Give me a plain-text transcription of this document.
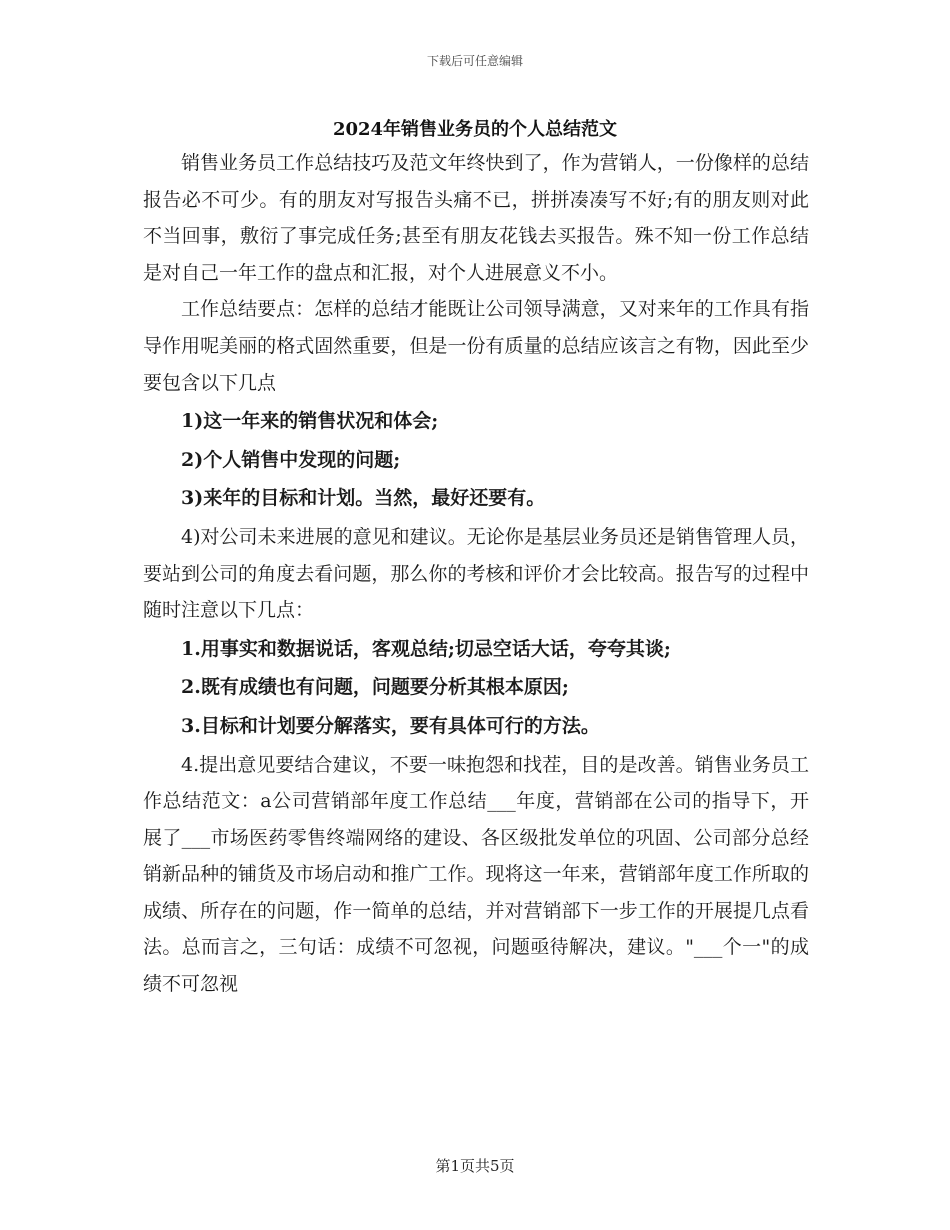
下载后可任意编辑
2024年销售业务员的个人总结范文

销售业务员工作总结技巧及范文年终快到了，作为营销人，一份像样的总结报告必不可少。有的朋友对写报告头痛不已，拼拼凑凑写不好;有的朋友则对此不当回事，敷衍了事完成任务;甚至有朋友花钱去买报告。殊不知一份工作总结是对自己一年工作的盘点和汇报，对个人进展意义不小。

工作总结要点：怎样的总结才能既让公司领导满意，又对来年的工作具有指导作用呢美丽的格式固然重要，但是一份有质量的总结应该言之有物，因此至少要包含以下几点

1)这一年来的销售状况和体会;

2)个人销售中发现的问题;

3)来年的目标和计划。当然，最好还要有。

4)对公司未来进展的意见和建议。无论你是基层业务员还是销售管理人员，要站到公司的角度去看问题，那么你的考核和评价才会比较高。报告写的过程中随时注意以下几点：

1.用事实和数据说话，客观总结;切忌空话大话，夸夸其谈;

2.既有成绩也有问题，问题要分析其根本原因;

3.目标和计划要分解落实，要有具体可行的方法。

4.提出意见要结合建议，不要一味抱怨和找茬，目的是改善。销售业务员工作总结范文：a公司营销部年度工作总结___年度，营销部在公司的指导下，开展了___市场医药零售终端网络的建设、各区级批发单位的巩固、公司部分总经销新品种的铺货及市场启动和推广工作。现将这一年来，营销部年度工作所取的成绩、所存在的问题，作一简单的总结，并对营销部下一步工作的开展提几点看法。总而言之，三句话：成绩不可忽视，问题亟待解决，建议。"___个一"的成绩不可忽视

第1页共5页
